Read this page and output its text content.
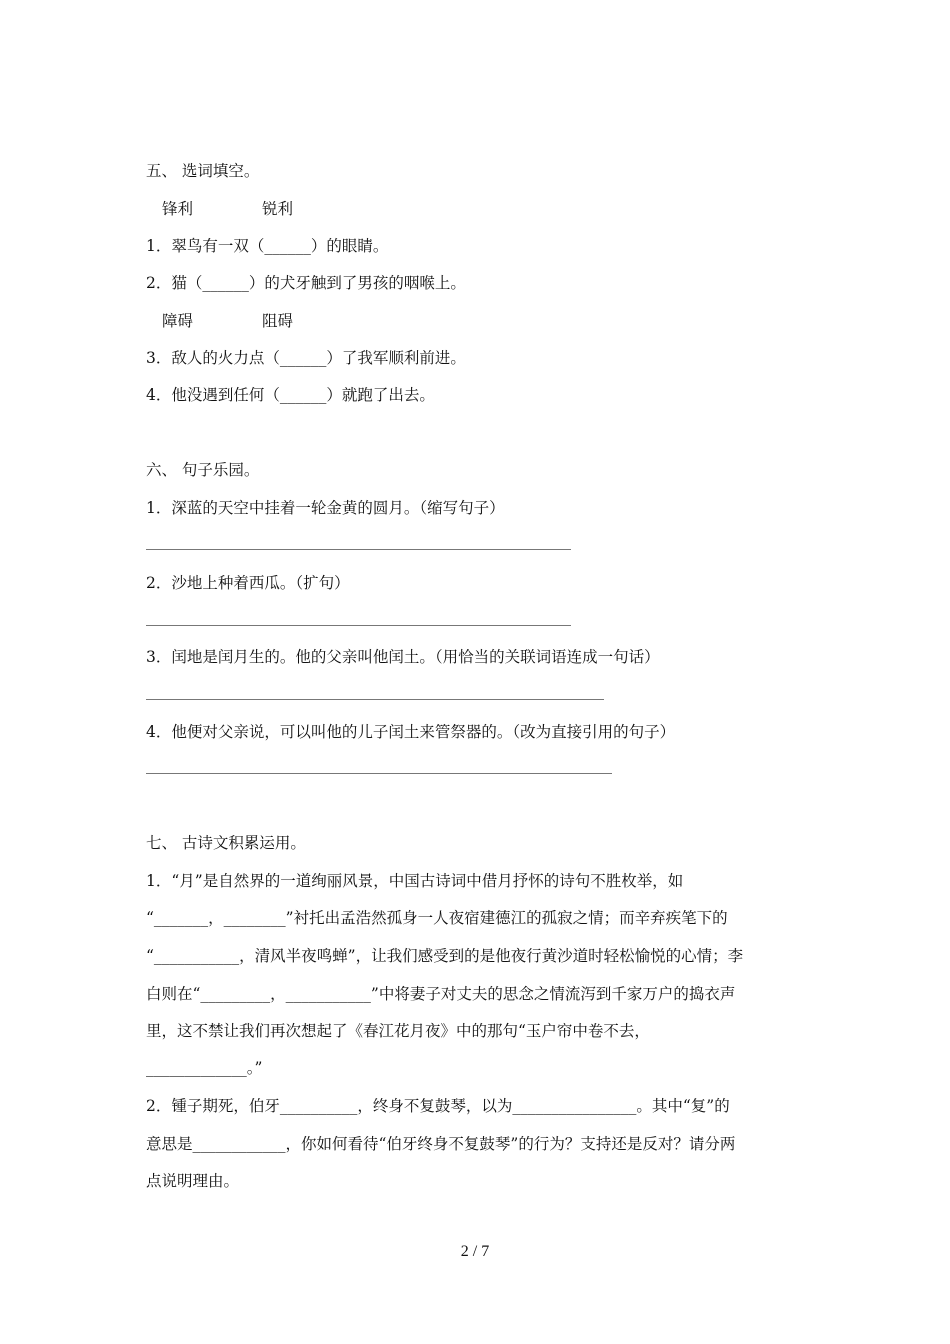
五、 选词填空。
锋利	锐利
1．翠鸟有一双（______）的眼睛。
2．猫（______）的犬牙触到了男孩的咽喉上。
障碍	阻碍
3．敌人的火力点（______）了我军顺利前进。
4．他没遇到任何（______）就跑了出去。
六、 句子乐园。
1．深蓝的天空中挂着一轮金黄的圆月。（缩写句子）
2．沙地上种着西瓜。（扩句）
3．闰地是闰月生的。他的父亲叫他闰土。（用恰当的关联词语连成一句话）
4．他便对父亲说，可以叫他的儿子闰土来管祭器的。（改为直接引用的句子）
七、 古诗文积累运用。
1．“月”是自然界的一道绚丽风景，中国古诗词中借月抒怀的诗句不胜枚举，如
“_______，________”衬托出孟浩然孤身一人夜宿建德江的孤寂之情；而辛弃疾笔下的
“___________，清风半夜鸣蝉”，让我们感受到的是他夜行黄沙道时轻松愉悦的心情；李
白则在“_________，___________”中将妻子对丈夫的思念之情流泻到千家万户的捣衣声
里，这不禁让我们再次想起了《春江花月夜》中的那句“玉户帘中卷不去，
_____________。”
2．锺子期死，伯牙__________，终身不复鼓琴，以为________________。其中“复”的
意思是____________，你如何看待“伯牙终身不复鼓琴”的行为？支持还是反对？请分两
点说明理由。
2 / 7
